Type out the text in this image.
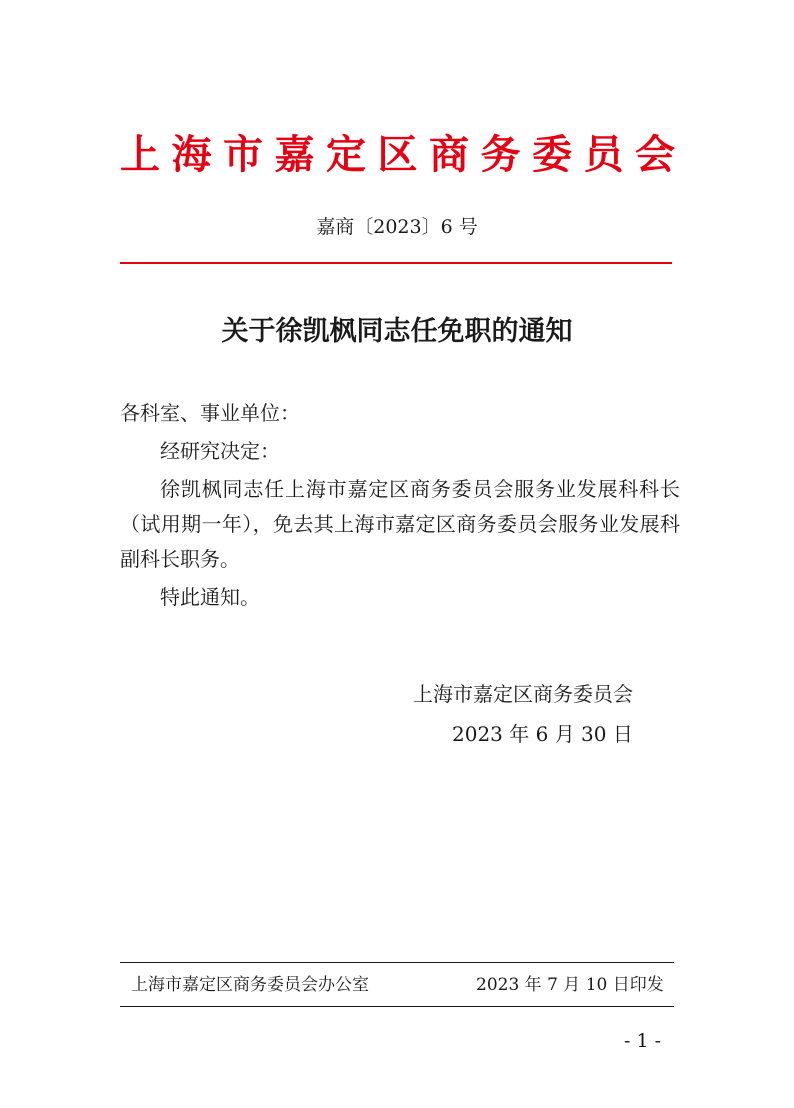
上 海 市 嘉 定 区 商 务 委 员 会
嘉商〔2023〕6 号
关于徐凯枫同志任免职的通知

各科室、事业单位：

经研究决定：

徐凯枫同志任上海市嘉定区商务委员会服务业发展科科长（试用期一年），免去其上海市嘉定区商务委员会服务业发展科副科长职务。

特此通知。

上海市嘉定区商务委员会
2023 年 6 月 30 日
上海市嘉定区商务委员会办公室	2023 年 7 月 10 日印发
- 1 -
